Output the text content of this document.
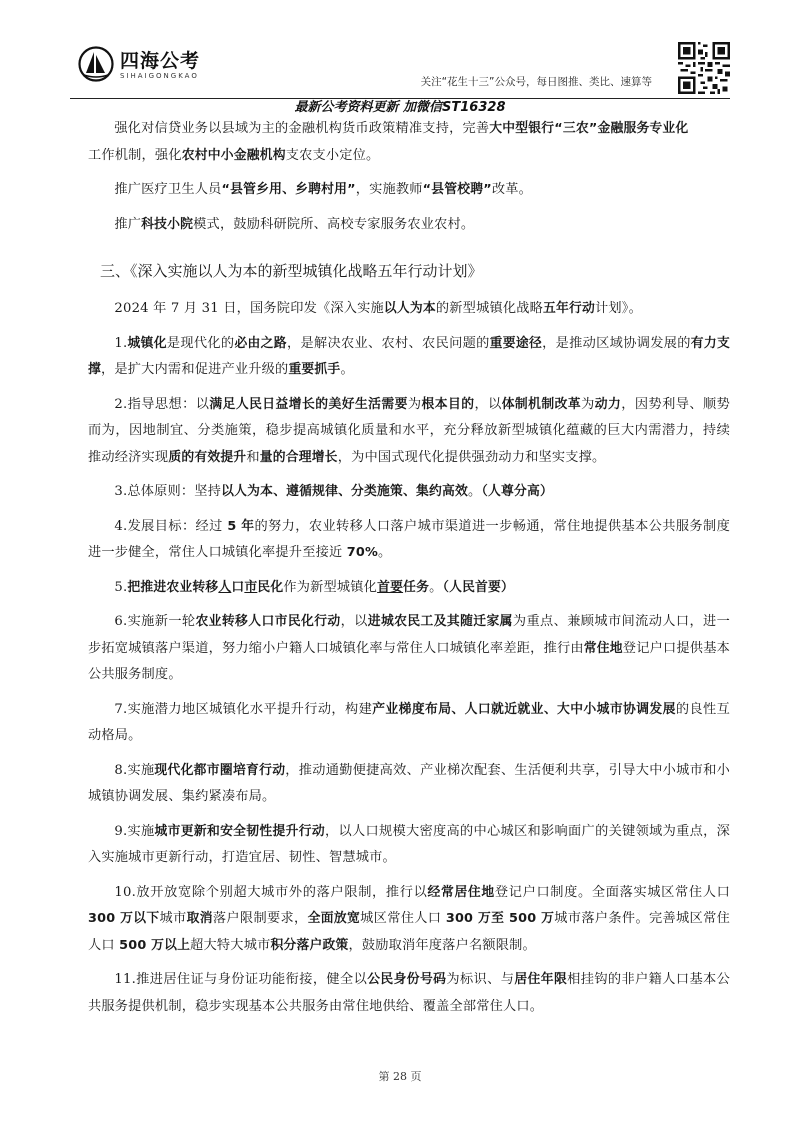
四海公考
SIHAIGONGKAO	关注“花生十三”公众号，每日图推、类比、速算等
最新公考资料更新 加微信ST16328

强化对信贷业务以县域为主的金融机构货币政策精准支持，完善大中型银行“三农”金融服务专业化
工作机制，强化农村中小金融机构支农支小定位。

推广医疗卫生人员“县管乡用、乡聘村用”，实施教师“县管校聘”改革。

推广科技小院模式，鼓励科研院所、高校专家服务农业农村。

三、《深入实施以人为本的新型城镇化战略五年行动计划》

2024 年 7 月 31 日，国务院印发《深入实施以人为本的新型城镇化战略五年行动计划》。

1.城镇化是现代化的必由之路，是解决农业、农村、农民问题的重要途径，是推动区域协调发展的有力支撑，是扩大内需和促进产业升级的重要抓手。

2.指导思想：以满足人民日益增长的美好生活需要为根本目的，以体制机制改革为动力，因势利导、顺势而为，因地制宜、分类施策，稳步提高城镇化质量和水平，充分释放新型城镇化蕴藏的巨大内需潜力，持续推动经济实现质的有效提升和量的合理增长，为中国式现代化提供强劲动力和坚实支撑。

3.总体原则：坚持以人为本、遵循规律、分类施策、集约高效。（人尊分高）

4.发展目标：经过 5 年的努力，农业转移人口落户城市渠道进一步畅通，常住地提供基本公共服务制度进一步健全，常住人口城镇化率提升至接近 70%。

5.把推进农业转移人口市民化作为新型城镇化首要任务。（人民首要）

6.实施新一轮农业转移人口市民化行动，以进城农民工及其随迁家属为重点、兼顾城市间流动人口，进一步拓宽城镇落户渠道，努力缩小户籍人口城镇化率与常住人口城镇化率差距，推行由常住地登记户口提供基本公共服务制度。

7.实施潜力地区城镇化水平提升行动，构建产业梯度布局、人口就近就业、大中小城市协调发展的良性互动格局。

8.实施现代化都市圈培育行动，推动通勤便捷高效、产业梯次配套、生活便利共享，引导大中小城市和小城镇协调发展、集约紧凑布局。

9.实施城市更新和安全韧性提升行动，以人口规模大密度高的中心城区和影响面广的关键领域为重点，深入实施城市更新行动，打造宜居、韧性、智慧城市。

10.放开放宽除个别超大城市外的落户限制，推行以经常居住地登记户口制度。全面落实城区常住人口 300 万以下城市取消落户限制要求，全面放宽城区常住人口 300 万至 500 万城市落户条件。完善城区常住人口 500 万以上超大特大城市积分落户政策，鼓励取消年度落户名额限制。

11.推进居住证与身份证功能衔接，健全以公民身份号码为标识、与居住年限相挂钩的非户籍人口基本公共服务提供机制，稳步实现基本公共服务由常住地供给、覆盖全部常住人口。

第 28 页
